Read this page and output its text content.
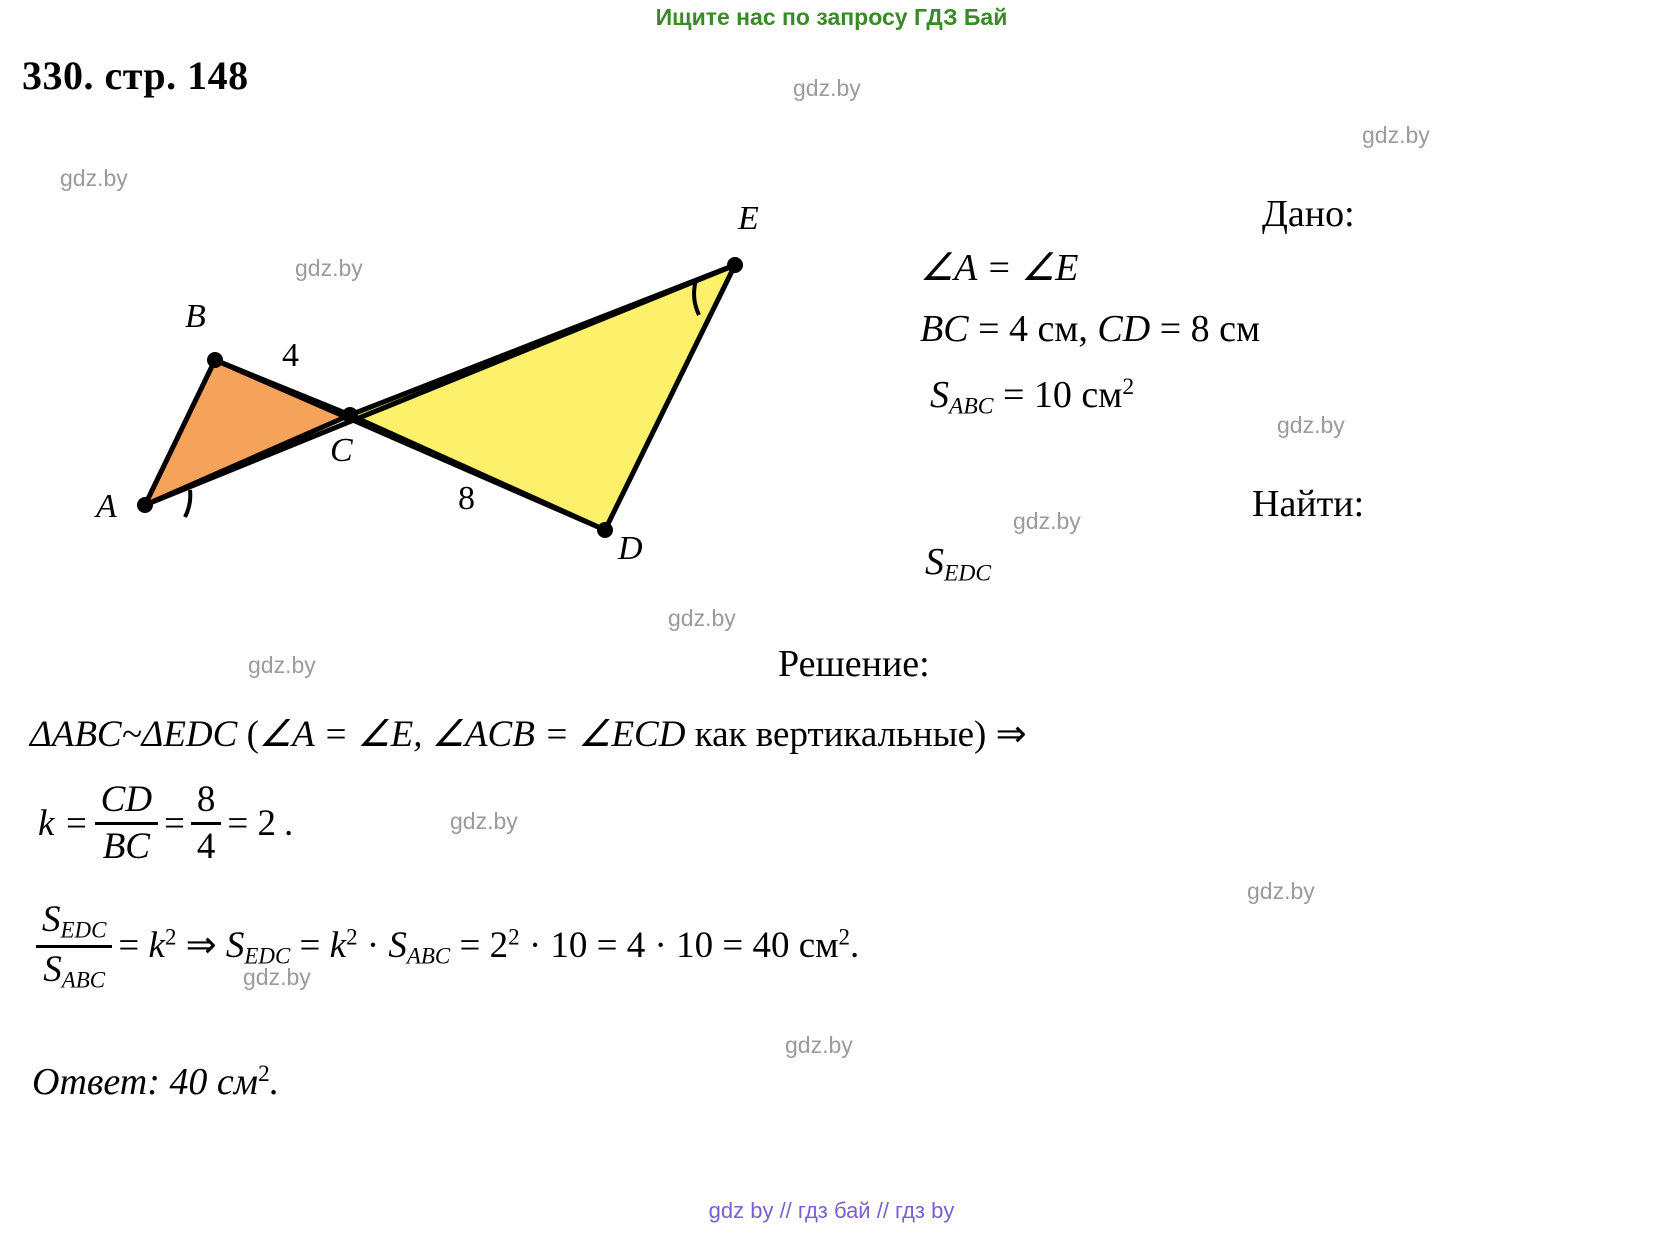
Ищите нас по запросу ГДЗ Бай
330. стр. 148
gdz.by
gdz.by
gdz.by
gdz.by
gdz.by
gdz.by
gdz.by
gdz.by
gdz.by
gdz.by
gdz.by
gdz.by
A
B
C
D
E
4
8
Дано:
∠A = ∠E
BC = 4 см, CD = 8 см
$S_{ABC} = 10$ $см^2$
Найти:
$S_{EDC}$
Решение:
ΔABC~ΔEDC (∠A = ∠E, ∠ACB = ∠ECD как вертикальные) ⇒
$k = \frac{CD}{BC} = \frac{8}{4} = 2$ .
$\frac{S_{EDC}}{S_{ABC}} = k^2$ ⇒ $S_{EDC} = k^2 \cdot S_{ABC} = 2^2 \cdot 10 = 4 \cdot 10 = 40$ $см^2$.
Ответ: 40 $см^2$.
gdz by // гдз бай // гдз by
